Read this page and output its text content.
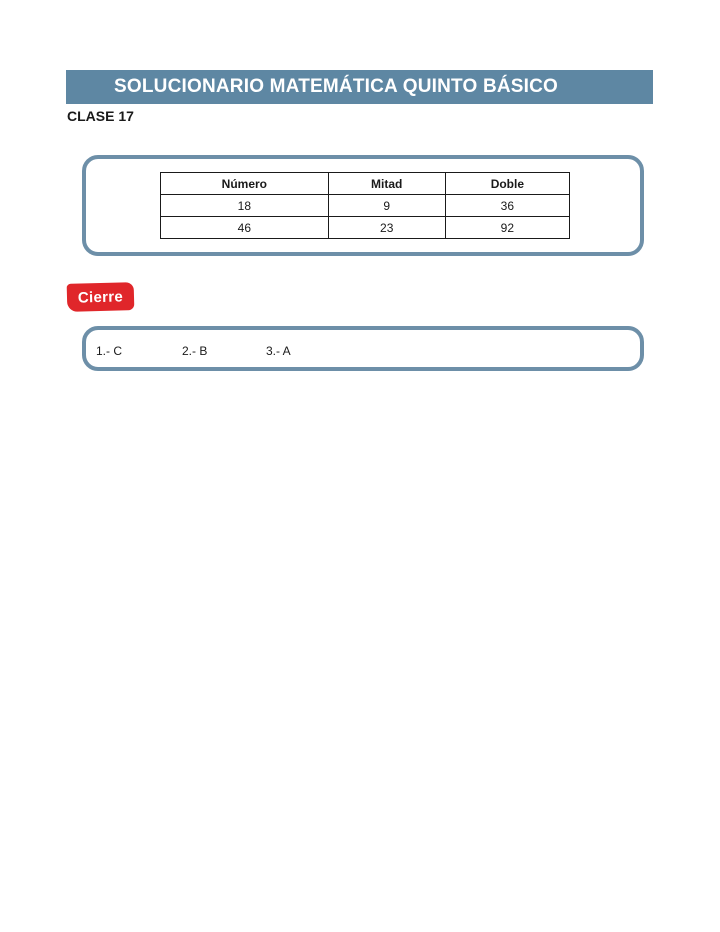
SOLUCIONARIO MATEMÁTICA QUINTO BÁSICO
CLASE 17
Número	Mitad	Doble
18	9	36
46	23	92
Cierre
1.- C	2.- B	3.- A
